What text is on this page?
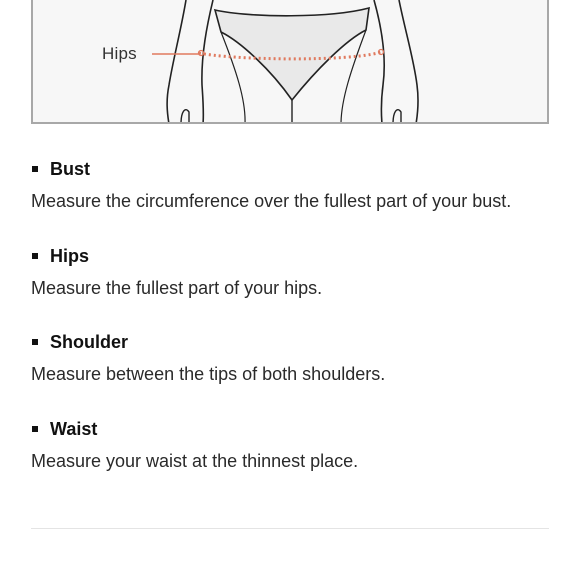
Hips
Bust
Measure the circumference over the fullest part of your bust.
Hips
Measure the fullest part of your hips.
Shoulder
Measure between the tips of both shoulders.
Waist
Measure your waist at the thinnest place.
